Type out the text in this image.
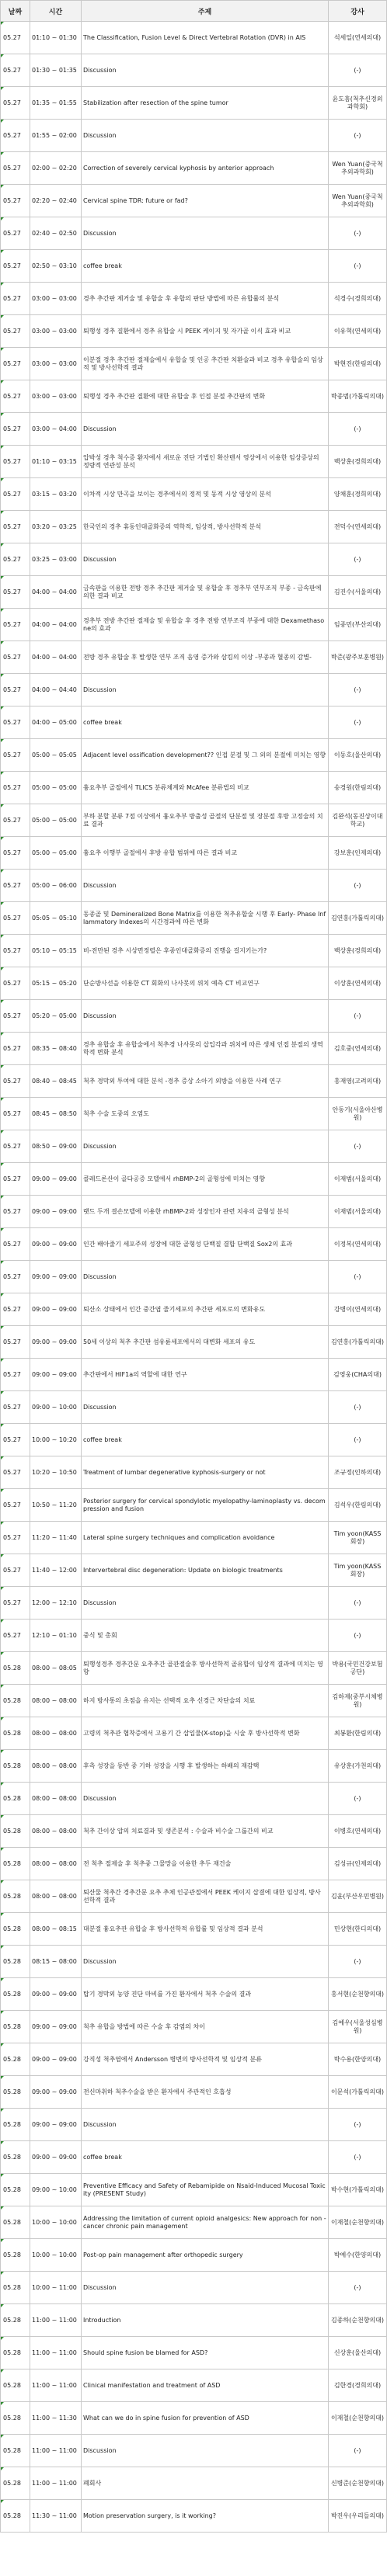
날짜	시간	주제	강사
05.27	01:10 ~ 01:30	The Classification, Fusion Level & Direct Vertebral Rotation (DVR) in AIS	석세일(연세의대)
05.27	01:30 ~ 01:35	Discussion	(-)
05.27	01:35 ~ 01:55	Stabilization after resection of the spine tumor	윤도흠(척추신경외과학회)
05.27	01:55 ~ 02:00	Discussion	(-)
05.27	02:00 ~ 02:20	Correction of severely cervical kyphosis by anterior approach	Wen Yuan(중국척추외과학회)
05.27	02:20 ~ 02:40	Cervical spine TDR: future or fad?	Wen Yuan(중국척추외과학회)
05.27	02:40 ~ 02:50	Discussion	(-)
05.27	02:50 ~ 03:10	coffee break	(-)
05.27	03:00 ~ 03:00	경추 추간판 제거술 및 유합술 후 유합의 판단 방법에 따른 유합률의 분석	석경수(경희의대)
05.27	03:00 ~ 03:00	퇴행성 경추 질환에서 경추 유합술 시 PEEK 케이지 및 자가골 이식 효과 비교	이유혁(연세의대)
05.27	03:00 ~ 03:00	이분절 경추 추간판 절제술에서 유합술 및 인공 추간판 치환술과 비교 경추 유합술의 임상적 및 방사선학적 결과	박현진(한림의대)
05.27	03:00 ~ 03:00	퇴행성 경추 추간판 질환에 대한 유합술 후 인접 분절 추간판의 변화	박종범(가톨릭의대)
05.27	03:00 ~ 04:00	Discussion	(-)
05.27	01:10 ~ 03:15	압박성 경추 척수증 환자에서 새로운 진단 기법인 확산텐서 영상에서 이용한 임상증상의 정량적 연관성 분석	백상훈(경희의대)
05.27	03:15 ~ 03:20	이차적 시상 만곡을 보이는 경추에서의 정적 및 동적 시상 영상의 분석	양채훈(경희의대)
05.27	03:20 ~ 03:25	한국인의 경추 휴동인대골화증의 역학적, 임상적, 방사선학적 분석	전덕수(연세의대)
05.27	03:25 ~ 03:00	Discussion	(-)
05.27	04:00 ~ 04:00	금속판을 이용한 전방 경추 추간판 제거술 및 유합술 후 경추부 연부조직 부종 - 금속판에 의한 결과 비교	김진수(서울의대)
05.27	04:00 ~ 04:00	경추부 전방 추간판 절제술 및 유합술 후 경추 전방 연부조직 부종에 대한 Dexamethasone의 효과	임종민(부산의대)
05.27	04:00 ~ 04:00	전방 경추 유합술 후 발생한 연부 조직 음영 증가와 삼킴의 이상 -부종과 혈종의 감별-	박준(광주보훈병원)
05.27	04:00 ~ 04:40	Discussion	(-)
05.27	04:00 ~ 05:00	coffee break	(-)
05.27	05:00 ~ 05:05	Adjacent level ossification development?? 인접 분절 및 그 외의 분절에 미치는 영향	이동호(울산의대)
05.27	05:00 ~ 05:00	흉요추부 골절에서 TLICS 분류체계와 McAfee 분류법의 비교	송경원(한림의대)
05.27	05:00 ~ 05:00	부하 분할 분류 7점 이상에서 흉요추부 방출성 골절의 단분절 및 장분절 후방 고정술의 치료 결과	김완석(동진상이대학교)
05.27	05:00 ~ 05:00	흉요추 이행부 골절에서 후방 유합 범위에 따른 결과 비교	강보훈(인제의대)
05.27	05:00 ~ 06:00	Discussion	(-)
05.27	05:05 ~ 05:10	동종골 및 Demineralized Bone Matrix를 이용한 척추유합술 시행 후 Early- Phase Inflammatory Indexes의 시간경과에 따른 변화	김연홍(가톨릭의대)
05.27	05:10 ~ 05:15	비-전만된 경추 시상면정렬은 후종인대골화증의 진행을 걸지키는가?	백상훈(경희의대)
05.27	05:15 ~ 05:20	단순방사선을 이용한 CT 회화의 나사못의 위치 예측 CT 비교연구	이상훈(연세의대)
05.27	05:20 ~ 05:00	Discussion	(-)
05.27	08:35 ~ 08:40	경추 유합술 후 유합술에서 척추경 나사못의 삽입각과 위치에 따른 생체 인접 분절의 생역학적 변화 분석	김호중(연세의대)
05.27	08:40 ~ 08:45	척추 경막외 투여에 대한 분석 -경추 증상 소아기 외방을 이용한 사례 연구	홍재영(고려의대)
05.27	08:45 ~ 08:50	척추 수술 도중의 오염도	안동기(서울아산병원)
05.27	08:50 ~ 09:00	Discussion	(-)
05.27	09:00 ~ 09:00	콜레드론산이 골다공증 모델에서 rhBMP-2의 골형성에 미치는 영향	이재범(서울의대)
05.27	09:00 ~ 09:00	랫드 두개 결손모델에 이용한 rhBMP-2와 성장인자 관련 치유의 골형성 분석	이재범(서울의대)
05.27	09:00 ~ 09:00	인간 배아줄기 세포주의 성장에 대한 골형성 단백질 결합 단백질 Sox2의 효과	이정복(연세의대)
05.27	09:00 ~ 09:00	Discussion	(-)
05.27	09:00 ~ 09:00	퇴산소 상태에서 인간 중간엽 줄기세포의 추간판 세포로의 변화유도	강병이(연세의대)
05.27	09:00 ~ 09:00	50세 이상의 척추 추간판 섬유륜세포에서의 대변화 세포의 유도	김연홍(가톨릭의대)
05.27	09:00 ~ 09:00	추간판에서 HIF1a의 역할에 대한 연구	김영웅(CHA의대)
05.27	09:00 ~ 10:00	Discussion	(-)
05.27	10:00 ~ 10:20	coffee break	(-)
05.27	10:20 ~ 10:50	Treatment of lumbar degenerative kyphosis-surgery or not	조규정(인하의대)
05.27	10:50 ~ 11:20	Posterior surgery for cervical spondylotic myelopathy-laminoplasty vs. decompression and fusion	김석우(한림의대)
05.27	11:20 ~ 11:40	Lateral spine surgery techniques and complication avoidance	Tim yoon(KASS 회장)
05.27	11:40 ~ 12:00	Intervertebral disc degeneration: Update on biologic treatments	Tim yoon(KASS 회장)
05.27	12:00 ~ 12:10	Discussion	(-)
05.27	12:10 ~ 01:10	중식 및 총회	(-)
05.28	08:00 ~ 08:05	퇴행성경추 경추간문 요추추간 골관절술후 방사선학적 골유합이 임상적 결과에 미치는 영향	박용(국민건강보험공단)
05.28	08:00 ~ 08:00	하지 방사통의 초점을 유지는 선택적 요추 신경근 차단술의 치료	김하제(중부시체병원)
05.28	08:00 ~ 08:00	고령의 척추관 협착증에서 고용기 간 삽입물(X-stop)을 시술 후 방사선학적 변화	최봉환(한림의대)
05.28	08:00 ~ 08:00	후측 성장을 동반 중 기하 성장을 시행 후 발생하는 하배의 재감택	유상훈(가천의대)
05.28	08:00 ~ 08:00	Discussion	(-)
05.28	08:00 ~ 08:00	척추 간이상 압의 치료결과 및 생존분석 : 수술과 비수술 그룹간의 비교	이병호(연세의대)
05.28	08:00 ~ 08:00	전 척추 절제술 후 척추중 그물망을 이용한 추두 재건술	김성규(인제의대)
05.28	08:00 ~ 08:00	퇴산물 척추간 경추간문 요추 추체 인공관절에서 PEEK 케이지 삽결에 대한 임상적, 방사선학적 결과	김윤(부산우민병원)
05.28	08:00 ~ 08:15	대분절 흉요추관 유합술 후 방사선학적 유합률 및 임상적 결과 분석	민상현(한디의대)
05.28	08:15 ~ 08:00	Discussion	(-)
05.28	09:00 ~ 09:00	탑기 경막외 농양 진단 마비를 가진 환자에서 척추 수술의 결과	홍서현(순천향의대)
05.28	09:00 ~ 09:00	척추 유합을 방법에 따른 수술 후 감염의 차이	김예우(서울성심병원)
05.28	09:00 ~ 09:00	강직성 척추염에서 Andersson 병변의 방사선학적 및 임상적 분류	박수용(한양의대)
05.28	09:00 ~ 09:00	전신마취하 척추수술을 받은 환자에서 주관적인 호흡성	이문석(가톨릭의대)
05.28	09:00 ~ 09:00	Discussion	(-)
05.28	09:00 ~ 09:00	coffee break	(-)
05.28	09:00 ~ 10:00	Preventive Efficacy and Safety of Rebamipide on Nsaid-Induced Mucosal Toxicity (PRESENT Study)	박수현(가톨릭의대)
05.28	10:00 ~ 10:00	Addressing the limitation of current opioid analgesics: New approach for non -cancer chronic pain management	이재철(순천향의대)
05.28	10:00 ~ 10:00	Post-op pain management after orthopedic surgery	박예수(한양의대)
05.28	10:00 ~ 11:00	Discussion	(-)
05.28	11:00 ~ 11:00	Introduction	김종하(순천향의대)
05.28	11:00 ~ 11:00	Should spine fusion be blamed for ASD?	신상훈(울산의대)
05.28	11:00 ~ 11:00	Clinical manifestation and treatment of ASD	김한경(경희의대)
05.28	11:00 ~ 11:30	What can we do in spine fusion for prevention of ASD	이재철(순천향의대)
05.28	11:00 ~ 11:00	Discussion	(-)
05.28	11:00 ~ 11:00	폐회사	신병준(순천향의대)
05.28	11:30 ~ 11:00	Motion preservation surgery, is it working?	박진우(우리들의대)
